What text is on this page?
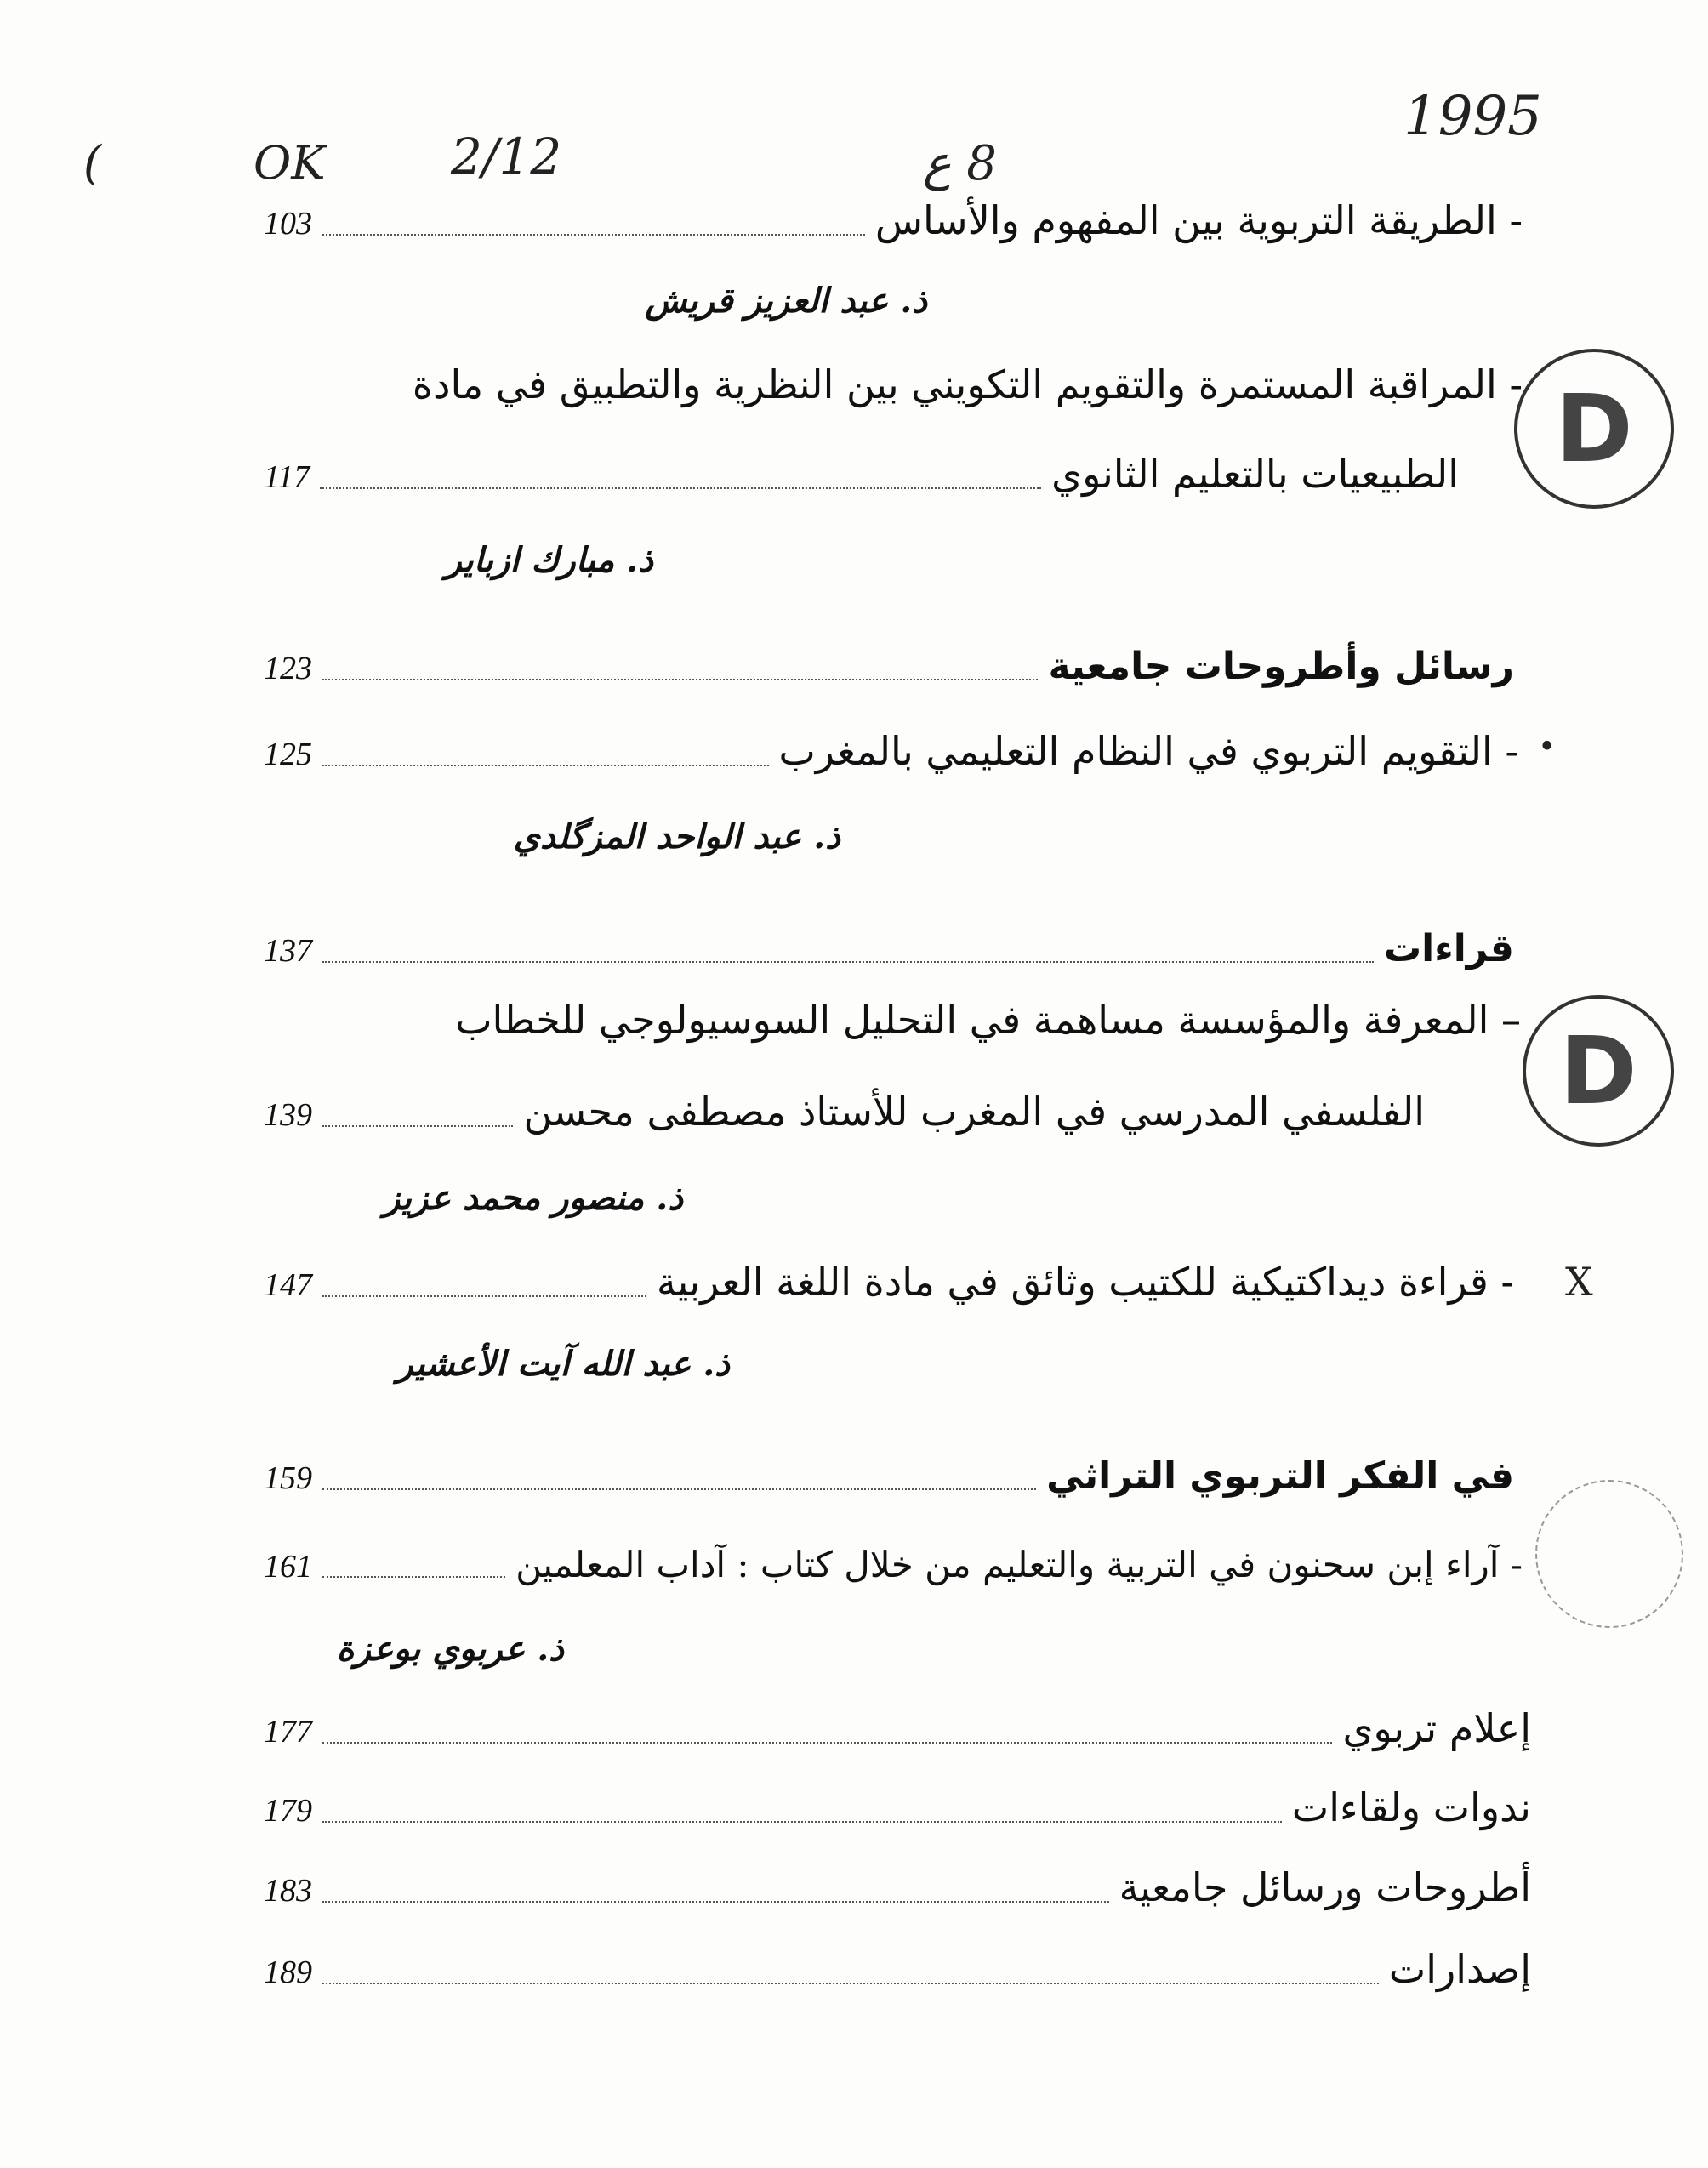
(	OK	2/12	8 ع
1995
D
D
X
•
103	- الطريقة التربوية بين المفهوم والأساس
ذ. عبد العزيز قريش
- المراقبة المستمرة والتقويم التكويني بين النظرية والتطبيق في مادة
117	الطبيعيات بالتعليم الثانوي
ذ. مبارك ازباير
123	رسائل وأطروحات جامعية
125	- التقويم التربوي في النظام التعليمي بالمغرب
ذ. عبد الواحد المزگلدي
137	قراءات
– المعرفة والمؤسسة مساهمة في التحليل السوسيولوجي للخطاب
139	الفلسفي المدرسي في المغرب للأستاذ مصطفى محسن
ذ. منصور محمد عزيز
147	- قراءة ديداكتيكية للكتيب وثائق في مادة اللغة العربية
ذ. عبد الله آيت الأعشير
159	في الفكر التربوي التراثي
161	- آراء إبن سحنون في التربية والتعليم من خلال كتاب : آداب المعلمين
ذ. عربوي بوعزة
177	إعلام تربوي
179	ندوات ولقاءات
183	أطروحات ورسائل جامعية
189	إصدارات
